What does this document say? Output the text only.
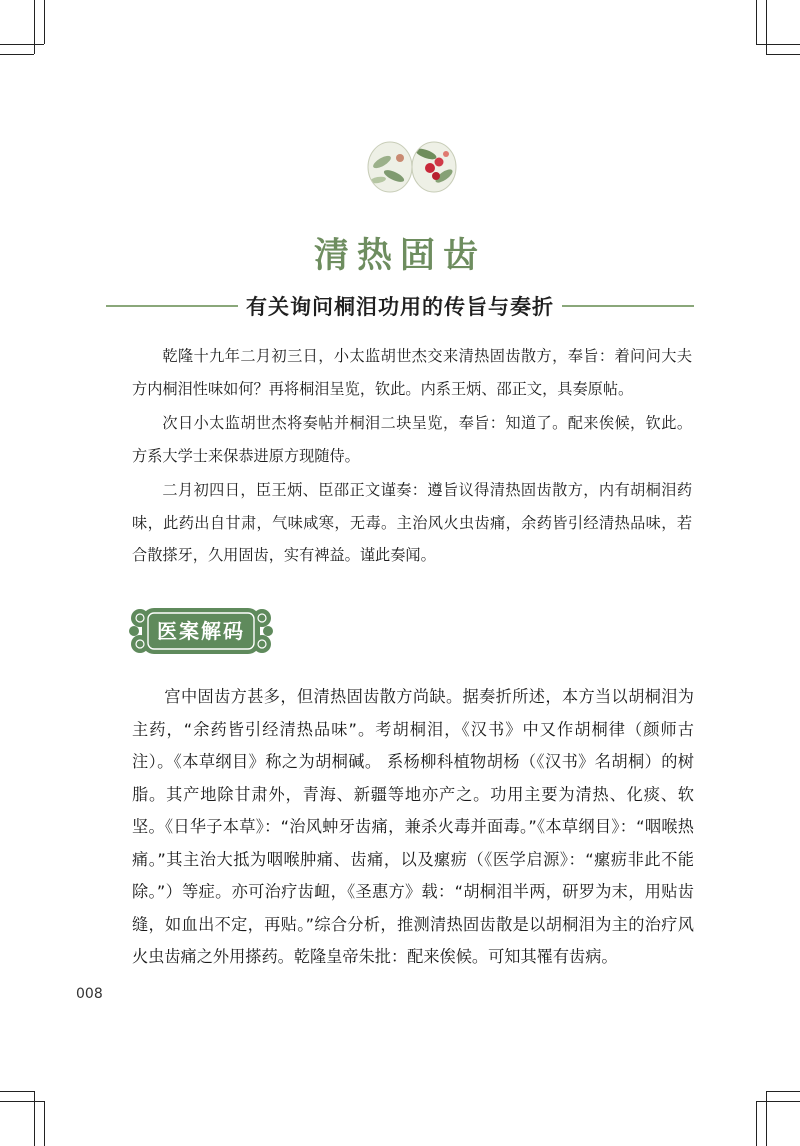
清热固齿
有关询问桐泪功用的传旨与奏折

乾隆十九年二月初三日，小太监胡世杰交来清热固齿散方，奉旨：着问问大夫方内桐泪性味如何？再将桐泪呈览，钦此。内系王炳、邵正文，具奏原帖。

次日小太监胡世杰将奏帖并桐泪二块呈览，奉旨：知道了。配来俟候，钦此。方系大学士来保恭进原方现随侍。

二月初四日，臣王炳、臣邵正文谨奏：遵旨议得清热固齿散方，内有胡桐泪药味，此药出自甘肃，气味咸寒，无毒。主治风火虫齿痛，余药皆引经清热品味，若合散搽牙，久用固齿，实有裨益。谨此奏闻。

医案解码

宫中固齿方甚多，但清热固齿散方尚缺。据奏折所述，本方当以胡桐泪为主药，“余药皆引经清热品味”。考胡桐泪，《汉书》中又作胡桐律（颜师古注）。《本草纲目》称之为胡桐碱。 系杨柳科植物胡杨（《汉书》名胡桐）的树脂。其产地除甘肃外，青海、新疆等地亦产之。功用主要为清热、化痰、软坚。《日华子本草》：“治风蚛牙齿痛，兼杀火毒并面毒。”《本草纲目》：“咽喉热痛。”其主治大抵为咽喉肿痛、齿痛，以及瘰疬（《医学启源》：“瘰疬非此不能除。”）等症。亦可治疗齿衄，《圣惠方》载：“胡桐泪半两，研罗为末，用贴齿缝，如血出不定，再贴。”综合分析，推测清热固齿散是以胡桐泪为主的治疗风火虫齿痛之外用搽药。乾隆皇帝朱批：配来俟候。可知其罹有齿病。

008
